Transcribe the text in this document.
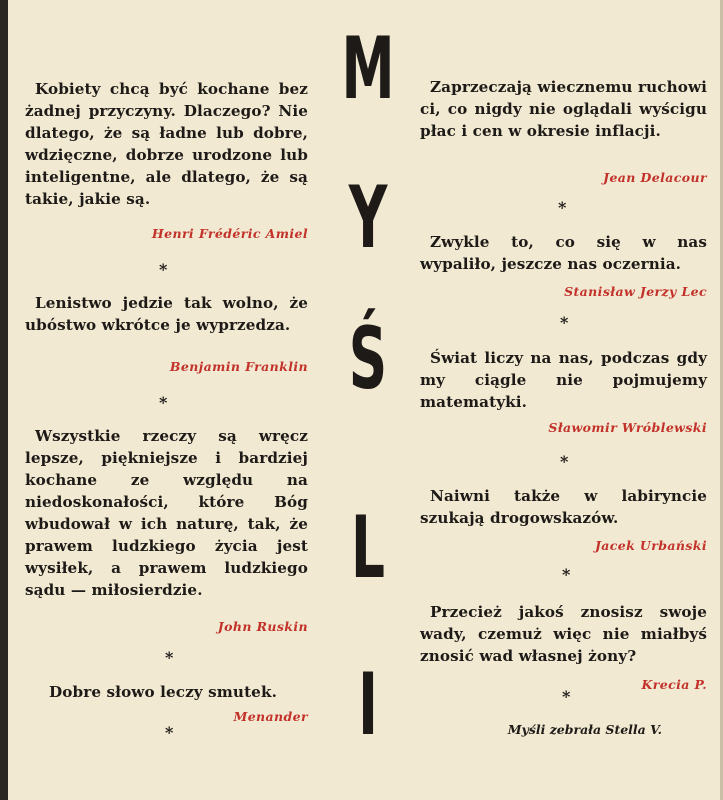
Kobiety chcą być kochane bez żadnej przyczyny. Dlaczego? Nie dlatego, że są ładne lub dobre, wdzięczne, dobrze urodzone lub inteligentne, ale dlatego, że są takie, jakie są.
Henri Frédéric Amiel
*
Lenistwo jedzie tak wolno, że ubóstwo wkrótce je wyprzedza.
Benjamin Franklin
*
Wszystkie rzeczy są wręcz lepsze, piękniejsze i bardziej kochane ze względu na niedoskonałości, które Bóg wbudował w ich naturę, tak, że prawem ludzkiego życia jest wysiłek, a prawem ludzkiego sądu — miłosierdzie.
John Ruskin
*
Dobre słowo leczy smutek.
Menander
*
M
Y
Ś
L
I
Zaprzeczają wiecznemu ruchowi ci, co nigdy nie oglądali wyścigu płac i cen w okresie inflacji.
Jean Delacour
*
Zwykle to, co się w nas wypaliło, jeszcze nas oczernia.
Stanisław Jerzy Lec
*
Świat liczy na nas, podczas gdy my ciągle nie pojmujemy matematyki.
Sławomir Wróblewski
*
Naiwni także w labiryncie szukają drogowskazów.
Jacek Urbański
*
Przecież jakoś znosisz swoje wady, czemuż więc nie miałbyś znosić wad własnej żony?
Krecia P.
*
Myśli zebrała Stella V.
